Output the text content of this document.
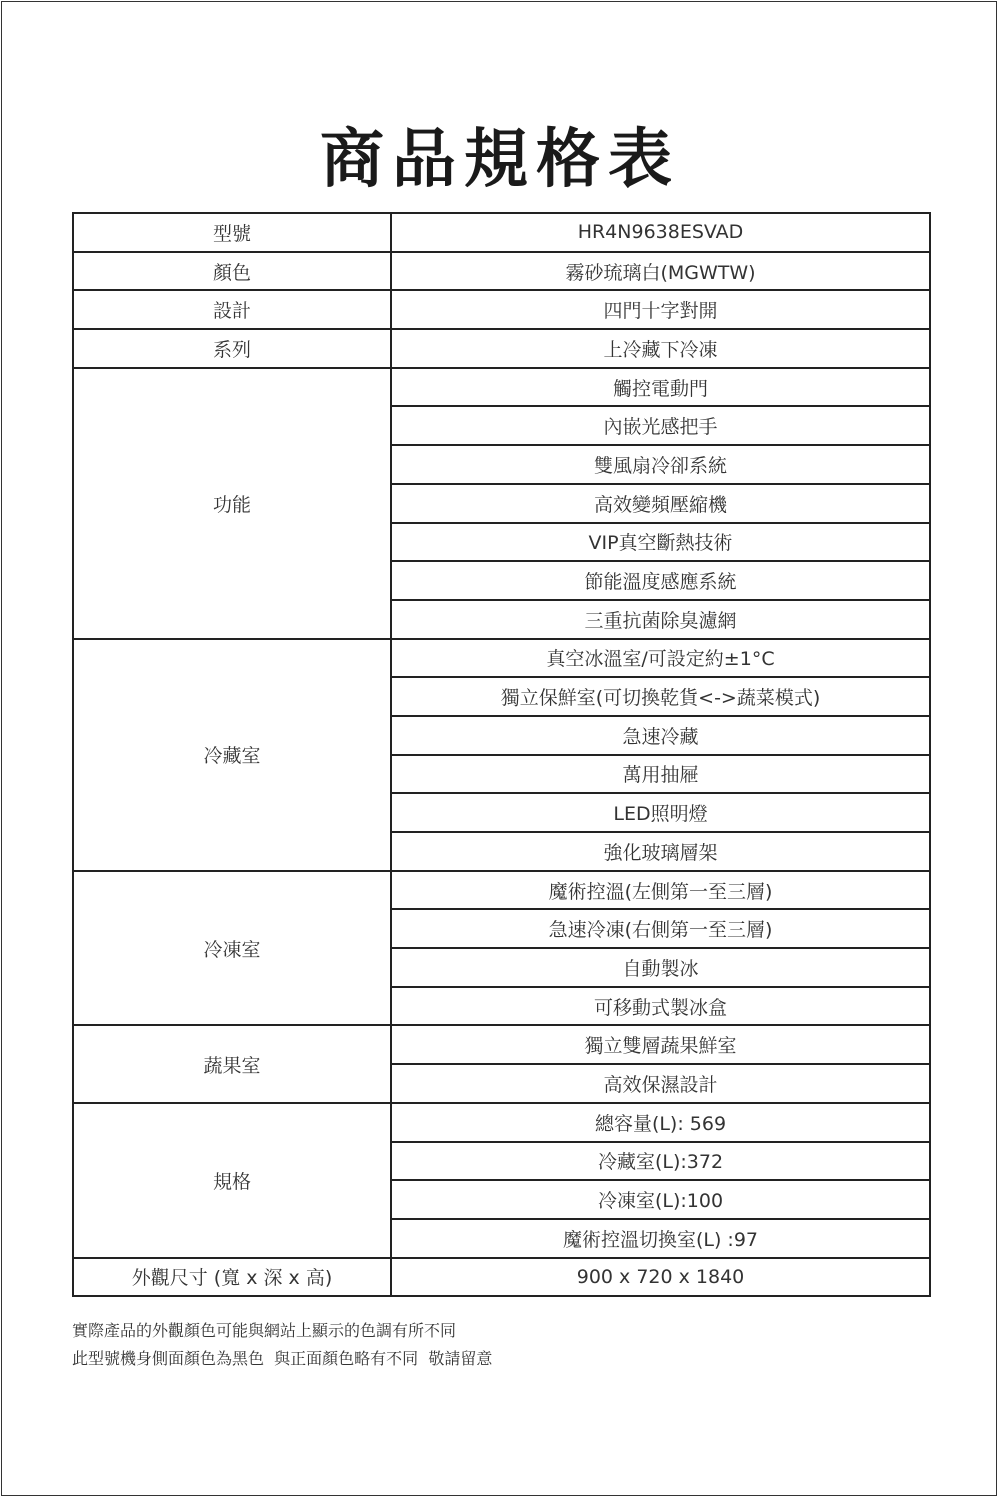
商品規格表
型號	HR4N9638ESVAD
顏色	霧砂琉璃白(MGWTW)
設計	四門十字對開
系列	上冷藏下冷凍
功能	觸控電動門
	內嵌光感把手
	雙風扇冷卻系統
	高效變頻壓縮機
	VIP真空斷熱技術
	節能溫度感應系統
	三重抗菌除臭濾網
冷藏室	真空冰溫室/可設定約±1°C
	獨立保鮮室(可切換乾貨<->蔬菜模式)
	急速冷藏
	萬用抽屜
	LED照明燈
	強化玻璃層架
冷凍室	魔術控溫(左側第一至三層)
	急速冷凍(右側第一至三層)
	自動製冰
	可移動式製冰盒
蔬果室	獨立雙層蔬果鮮室
	高效保濕設計
規格	總容量(L): 569
	冷藏室(L):372
	冷凍室(L):100
	魔術控溫切換室(L) :97
外觀尺寸 (寬 x 深 x 高)	900 x 720 x 1840
實際產品的外觀顏色可能與網站上顯示的色調有所不同
此型號機身側面顏色為黑色  與正面顏色略有不同  敬請留意
